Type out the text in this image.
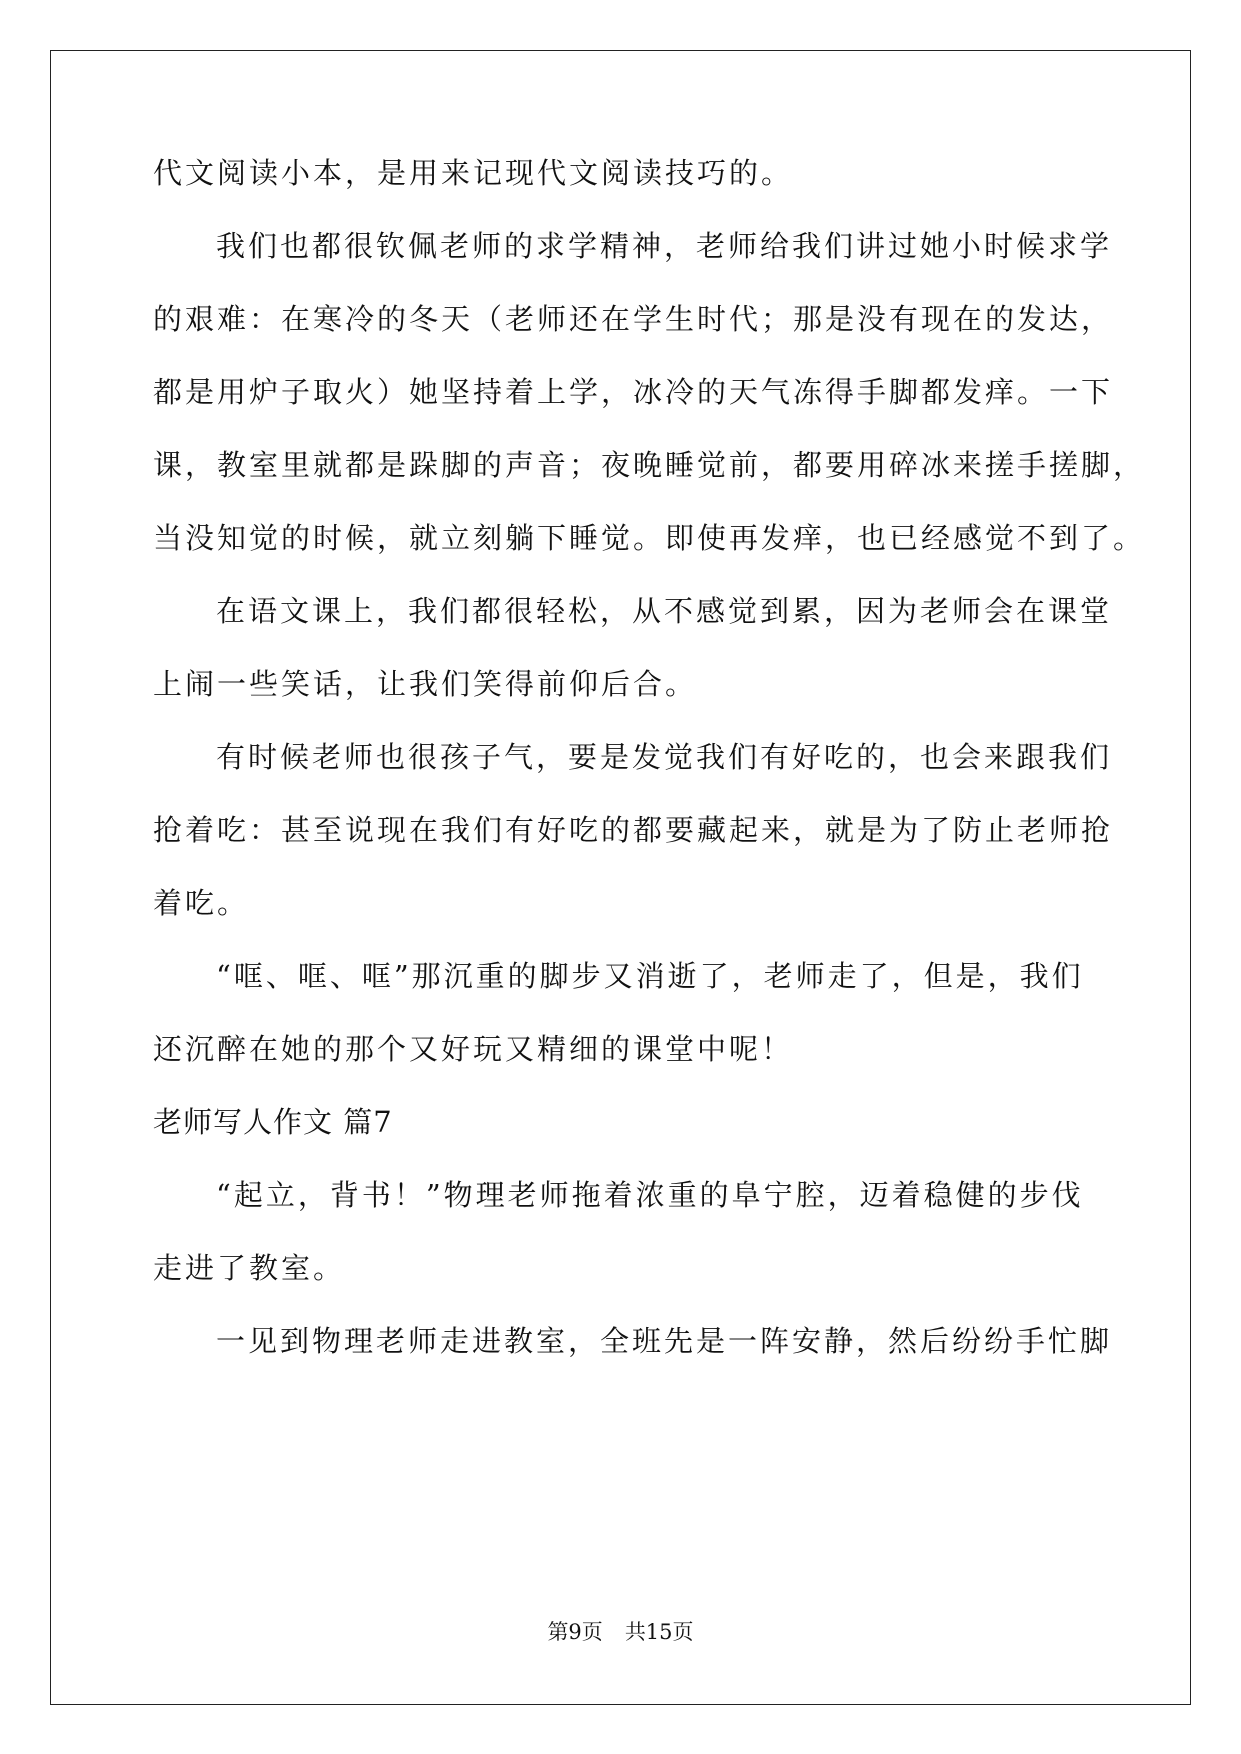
代文阅读小本，是用来记现代文阅读技巧的。

我们也都很钦佩老师的求学精神，老师给我们讲过她小时候求学

的艰难：在寒冷的冬天（老师还在学生时代；那是没有现在的发达，

都是用炉子取火）她坚持着上学，冰冷的天气冻得手脚都发痒。一下

课，教室里就都是跺脚的声音；夜晚睡觉前，都要用碎冰来搓手搓脚，

当没知觉的时候，就立刻躺下睡觉。即使再发痒，也已经感觉不到了。

在语文课上，我们都很轻松，从不感觉到累，因为老师会在课堂

上闹一些笑话，让我们笑得前仰后合。

有时候老师也很孩子气，要是发觉我们有好吃的，也会来跟我们

抢着吃：甚至说现在我们有好吃的都要藏起来，就是为了防止老师抢

着吃。

“哐、哐、哐”那沉重的脚步又消逝了，老师走了，但是，我们

还沉醉在她的那个又好玩又精细的课堂中呢！

老师写人作文 篇7

“起立，背书！”物理老师拖着浓重的阜宁腔，迈着稳健的步伐

走进了教室。

一见到物理老师走进教室，全班先是一阵安静，然后纷纷手忙脚

第9页 共15页
